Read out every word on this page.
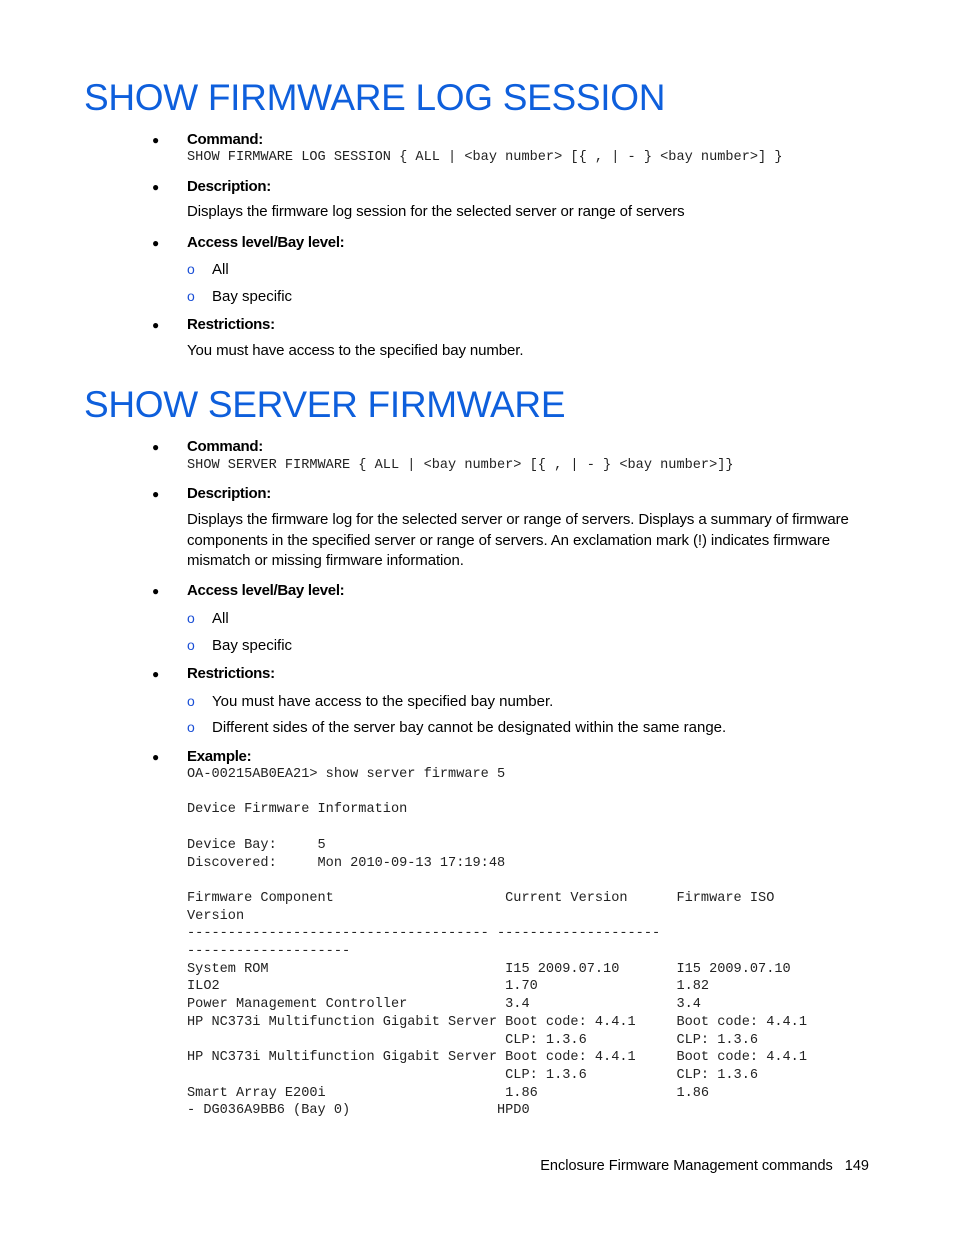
SHOW FIRMWARE LOG SESSION
● Command:
SHOW FIRMWARE LOG SESSION { ALL | <bay number> [{ , | - } <bay number>] }
● Description:
Displays the firmware log session for the selected server or range of servers
● Access level/Bay level:
o All
o Bay specific
● Restrictions:
You must have access to the specified bay number.
SHOW SERVER FIRMWARE
● Command:
SHOW SERVER FIRMWARE { ALL | <bay number> [{ , | - } <bay number>]}
● Description:
Displays the firmware log for the selected server or range of servers. Displays a summary of firmware
components in the specified server or range of servers. An exclamation mark (!) indicates firmware
mismatch or missing firmware information.
● Access level/Bay level:
o All
o Bay specific
● Restrictions:
o You must have access to the specified bay number.
o Different sides of the server bay cannot be designated within the same range.
● Example:
OA-00215AB0EA21> show server firmware 5

Device Firmware Information

Device Bay:     5
Discovered:     Mon 2010-09-13 17:19:48

Firmware Component                     Current Version      Firmware ISO
Version
------------------------------------- --------------------
--------------------
System ROM                             I15 2009.07.10       I15 2009.07.10
ILO2                                   1.70                 1.82
Power Management Controller            3.4                  3.4
HP NC373i Multifunction Gigabit Server Boot code: 4.4.1     Boot code: 4.4.1
CLP: 1.3.6           CLP: 1.3.6
HP NC373i Multifunction Gigabit Server Boot code: 4.4.1     Boot code: 4.4.1
CLP: 1.3.6           CLP: 1.3.6
Smart Array E200i                      1.86                 1.86
- DG036A9BB6 (Bay 0)                  HPD0
Enclosure Firmware Management commands 149
